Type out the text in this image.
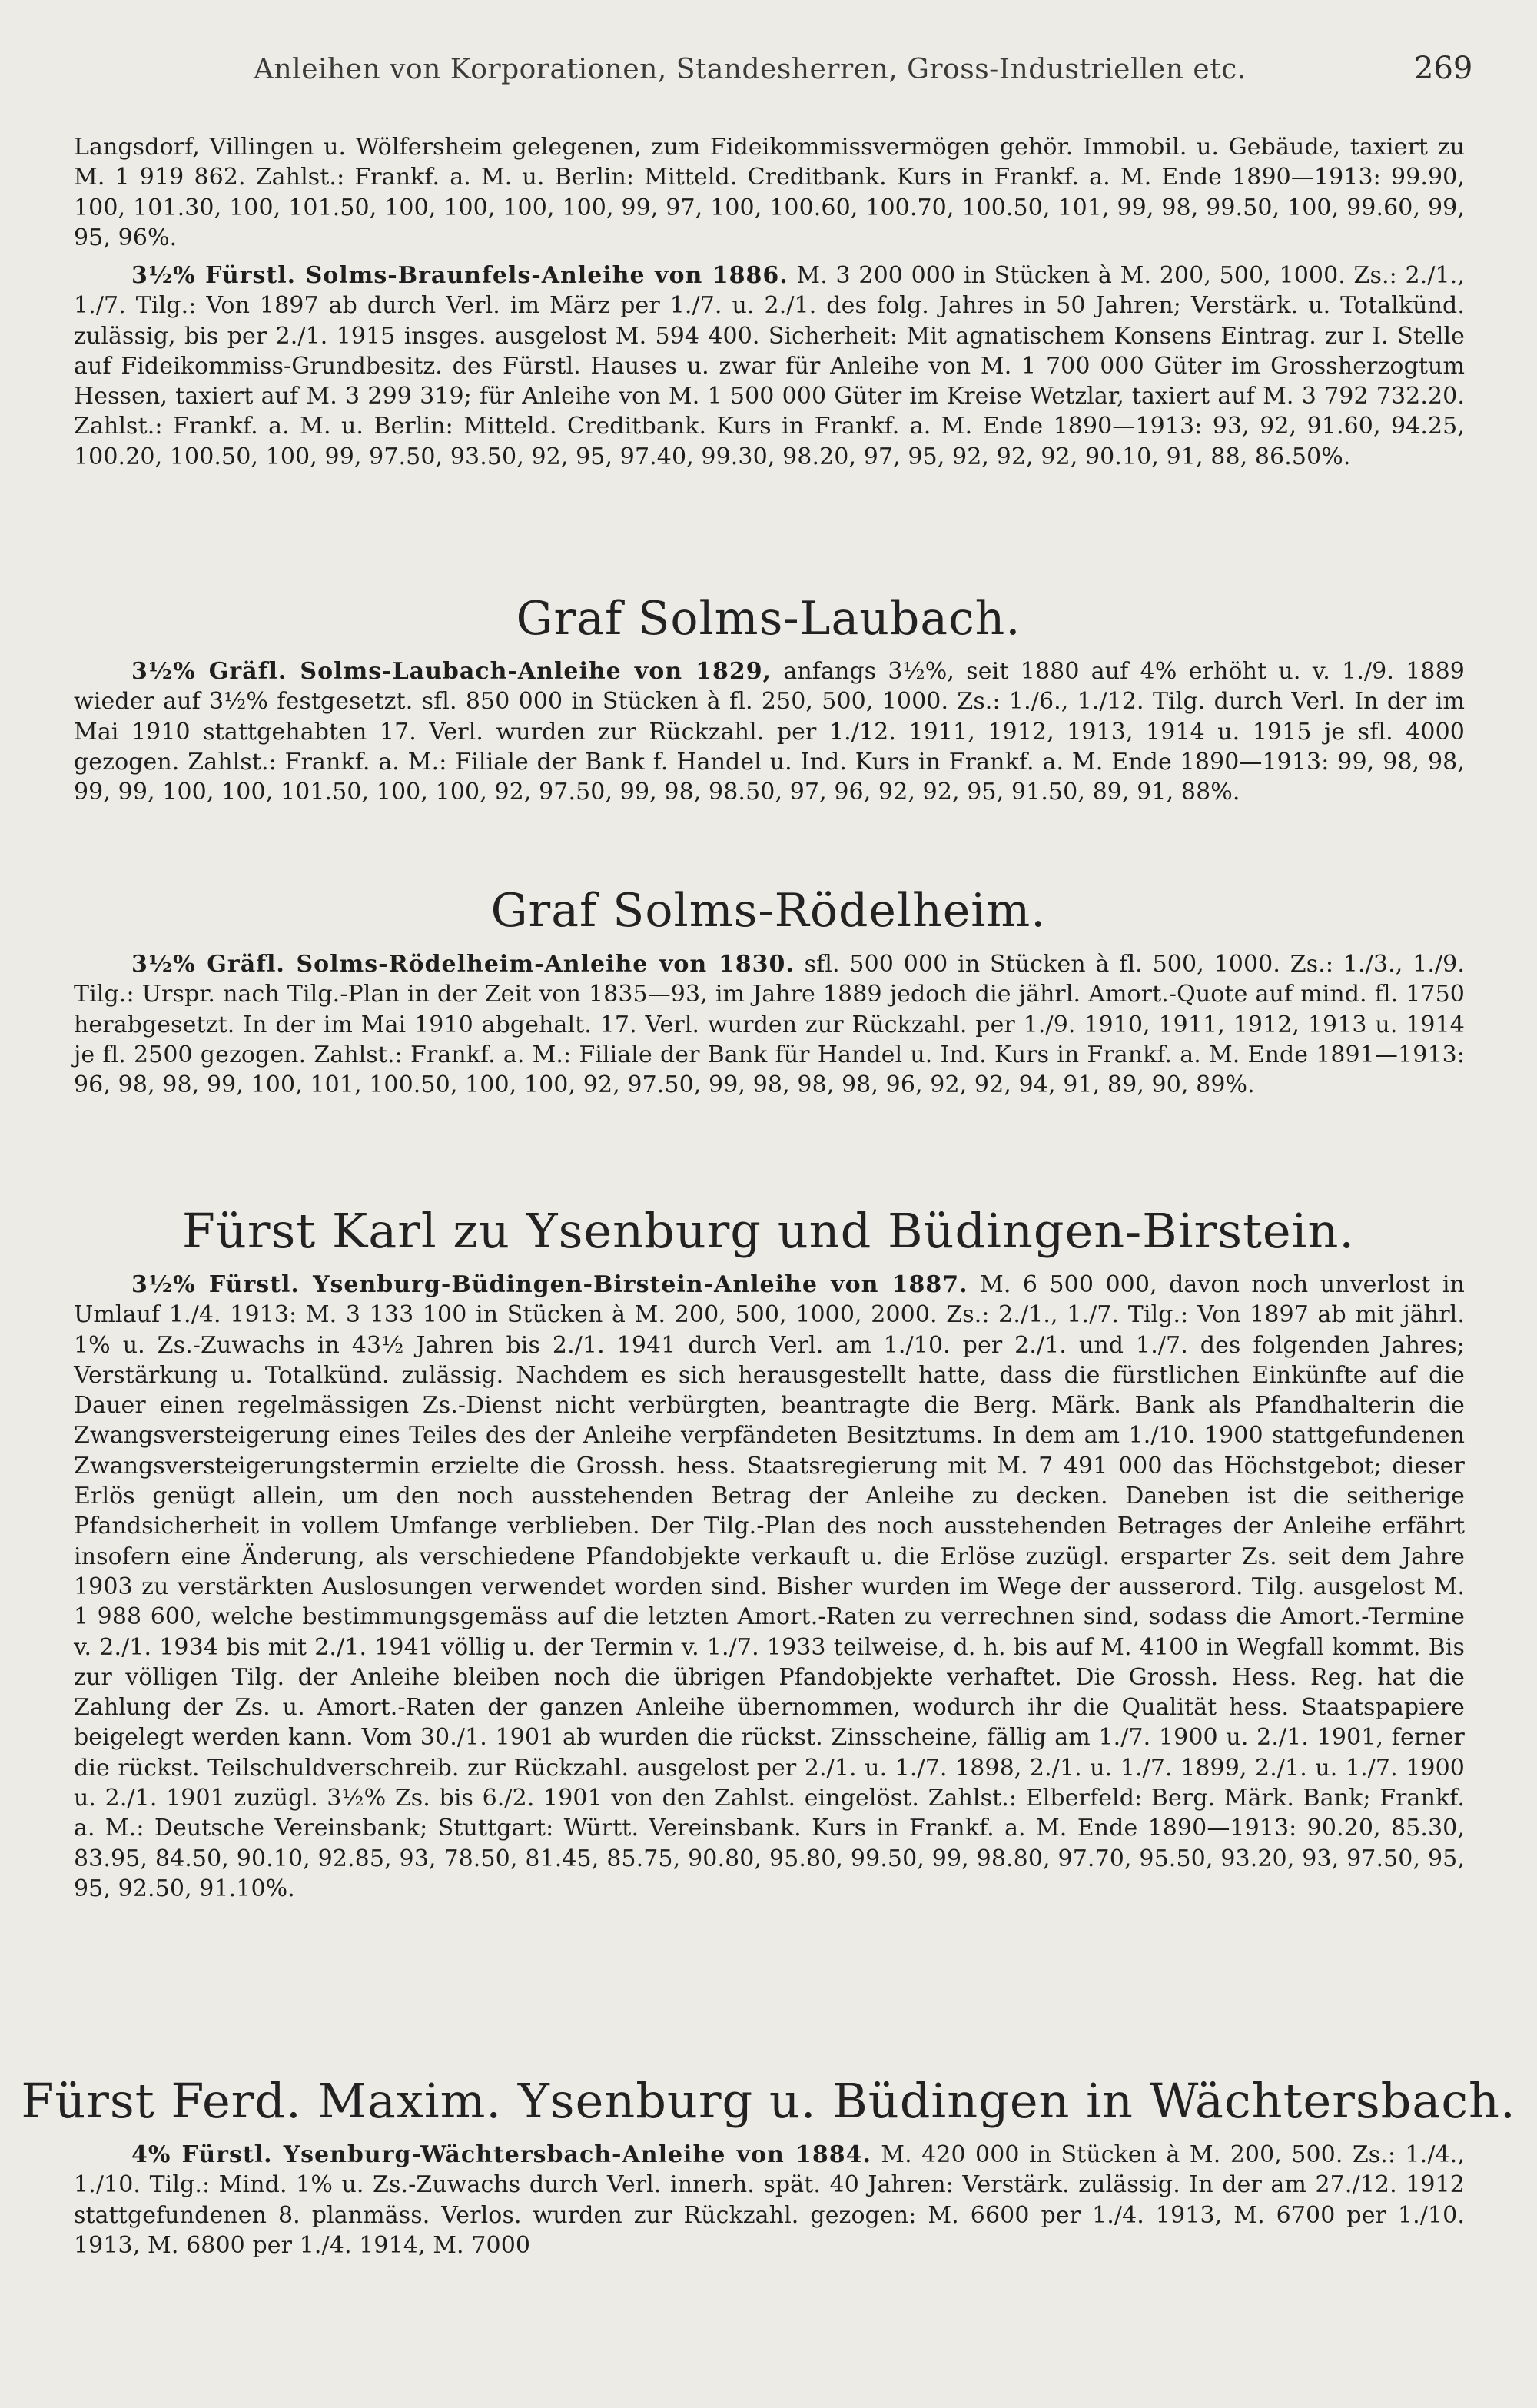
Anleihen von Korporationen, Standesherren, Gross-Industriellen etc.	269

Langsdorf, Villingen u. Wölfersheim gelegenen, zum Fideikommissvermögen gehör. Immobil. u. Gebäude, taxiert zu M. 1 919 862. Zahlst.: Frankf. a. M. u. Berlin: Mitteld. Creditbank. Kurs in Frankf. a. M. Ende 1890—1913: 99.90, 100, 101.30, 100, 101.50, 100, 100, 100, 100, 99, 97, 100, 100.60, 100.70, 100.50, 101, 99, 98, 99.50, 100, 99.60, 99, 95, 96%.

3½% Fürstl. Solms-Braunfels-Anleihe von 1886. M. 3 200 000 in Stücken à M. 200, 500, 1000. Zs.: 2./1., 1./7. Tilg.: Von 1897 ab durch Verl. im März per 1./7. u. 2./1. des folg. Jahres in 50 Jahren; Verstärk. u. Totalkünd. zulässig, bis per 2./1. 1915 insges. ausgelost M. 594 400. Sicherheit: Mit agnatischem Konsens Eintrag. zur I. Stelle auf Fideikommiss-Grundbesitz. des Fürstl. Hauses u. zwar für Anleihe von M. 1 700 000 Güter im Grossherzogtum Hessen, taxiert auf M. 3 299 319; für Anleihe von M. 1 500 000 Güter im Kreise Wetzlar, taxiert auf M. 3 792 732.20. Zahlst.: Frankf. a. M. u. Berlin: Mitteld. Creditbank. Kurs in Frankf. a. M. Ende 1890—1913: 93, 92, 91.60, 94.25, 100.20, 100.50, 100, 99, 97.50, 93.50, 92, 95, 97.40, 99.30, 98.20, 97, 95, 92, 92, 92, 90.10, 91, 88, 86.50%.

Graf Solms-Laubach.

3½% Gräfl. Solms-Laubach-Anleihe von 1829, anfangs 3½%, seit 1880 auf 4% erhöht u. v. 1./9. 1889 wieder auf 3½% festgesetzt. sfl. 850 000 in Stücken à fl. 250, 500, 1000. Zs.: 1./6., 1./12. Tilg. durch Verl. In der im Mai 1910 stattgehabten 17. Verl. wurden zur Rückzahl. per 1./12. 1911, 1912, 1913, 1914 u. 1915 je sfl. 4000 gezogen. Zahlst.: Frankf. a. M.: Filiale der Bank f. Handel u. Ind. Kurs in Frankf. a. M. Ende 1890—1913: 99, 98, 98, 99, 99, 100, 100, 101.50, 100, 100, 92, 97.50, 99, 98, 98.50, 97, 96, 92, 92, 95, 91.50, 89, 91, 88%.

Graf Solms-Rödelheim.

3½% Gräfl. Solms-Rödelheim-Anleihe von 1830. sfl. 500 000 in Stücken à fl. 500, 1000. Zs.: 1./3., 1./9. Tilg.: Urspr. nach Tilg.-Plan in der Zeit von 1835—93, im Jahre 1889 jedoch die jährl. Amort.-Quote auf mind. fl. 1750 herabgesetzt. In der im Mai 1910 abgehalt. 17. Verl. wurden zur Rückzahl. per 1./9. 1910, 1911, 1912, 1913 u. 1914 je fl. 2500 gezogen. Zahlst.: Frankf. a. M.: Filiale der Bank für Handel u. Ind. Kurs in Frankf. a. M. Ende 1891—1913: 96, 98, 98, 99, 100, 101, 100.50, 100, 100, 92, 97.50, 99, 98, 98, 98, 96, 92, 92, 94, 91, 89, 90, 89%.

Fürst Karl zu Ysenburg und Büdingen-Birstein.

3½% Fürstl. Ysenburg-Büdingen-Birstein-Anleihe von 1887. M. 6 500 000, davon noch unverlost in Umlauf 1./4. 1913: M. 3 133 100 in Stücken à M. 200, 500, 1000, 2000. Zs.: 2./1., 1./7. Tilg.: Von 1897 ab mit jährl. 1% u. Zs.-Zuwachs in 43½ Jahren bis 2./1. 1941 durch Verl. am 1./10. per 2./1. und 1./7. des folgenden Jahres; Verstärkung u. Totalkünd. zulässig. Nachdem es sich herausgestellt hatte, dass die fürstlichen Einkünfte auf die Dauer einen regelmässigen Zs.-Dienst nicht verbürgten, beantragte die Berg. Märk. Bank als Pfandhalterin die Zwangsversteigerung eines Teiles des der Anleihe verpfändeten Besitztums. In dem am 1./10. 1900 stattgefundenen Zwangsversteigerungstermin erzielte die Grossh. hess. Staatsregierung mit M. 7 491 000 das Höchstgebot; dieser Erlös genügt allein, um den noch ausstehenden Betrag der Anleihe zu decken. Daneben ist die seitherige Pfandsicherheit in vollem Umfange verblieben. Der Tilg.-Plan des noch ausstehenden Betrages der Anleihe erfährt insofern eine Änderung, als verschiedene Pfandobjekte verkauft u. die Erlöse zuzügl. ersparter Zs. seit dem Jahre 1903 zu verstärkten Auslosungen verwendet worden sind. Bisher wurden im Wege der ausserord. Tilg. ausgelost M. 1 988 600, welche bestimmungsgemäss auf die letzten Amort.-Raten zu verrechnen sind, sodass die Amort.-Termine v. 2./1. 1934 bis mit 2./1. 1941 völlig u. der Termin v. 1./7. 1933 teilweise, d. h. bis auf M. 4100 in Wegfall kommt. Bis zur völligen Tilg. der Anleihe bleiben noch die übrigen Pfandobjekte verhaftet. Die Grossh. Hess. Reg. hat die Zahlung der Zs. u. Amort.-Raten der ganzen Anleihe übernommen, wodurch ihr die Qualität hess. Staatspapiere beigelegt werden kann. Vom 30./1. 1901 ab wurden die rückst. Zinsscheine, fällig am 1./7. 1900 u. 2./1. 1901, ferner die rückst. Teilschuldverschreib. zur Rückzahl. ausgelost per 2./1. u. 1./7. 1898, 2./1. u. 1./7. 1899, 2./1. u. 1./7. 1900 u. 2./1. 1901 zuzügl. 3½% Zs. bis 6./2. 1901 von den Zahlst. eingelöst. Zahlst.: Elberfeld: Berg. Märk. Bank; Frankf. a. M.: Deutsche Vereinsbank; Stuttgart: Württ. Vereinsbank. Kurs in Frankf. a. M. Ende 1890—1913: 90.20, 85.30, 83.95, 84.50, 90.10, 92.85, 93, 78.50, 81.45, 85.75, 90.80, 95.80, 99.50, 99, 98.80, 97.70, 95.50, 93.20, 93, 97.50, 95, 95, 92.50, 91.10%.

Fürst Ferd. Maxim. Ysenburg u. Büdingen in Wächtersbach.

4% Fürstl. Ysenburg-Wächtersbach-Anleihe von 1884. M. 420 000 in Stücken à M. 200, 500. Zs.: 1./4., 1./10. Tilg.: Mind. 1% u. Zs.-Zuwachs durch Verl. innerh. spät. 40 Jahren: Verstärk. zulässig. In der am 27./12. 1912 stattgefundenen 8. planmäss. Verlos. wurden zur Rückzahl. gezogen: M. 6600 per 1./4. 1913, M. 6700 per 1./10. 1913, M. 6800 per 1./4. 1914, M. 7000
